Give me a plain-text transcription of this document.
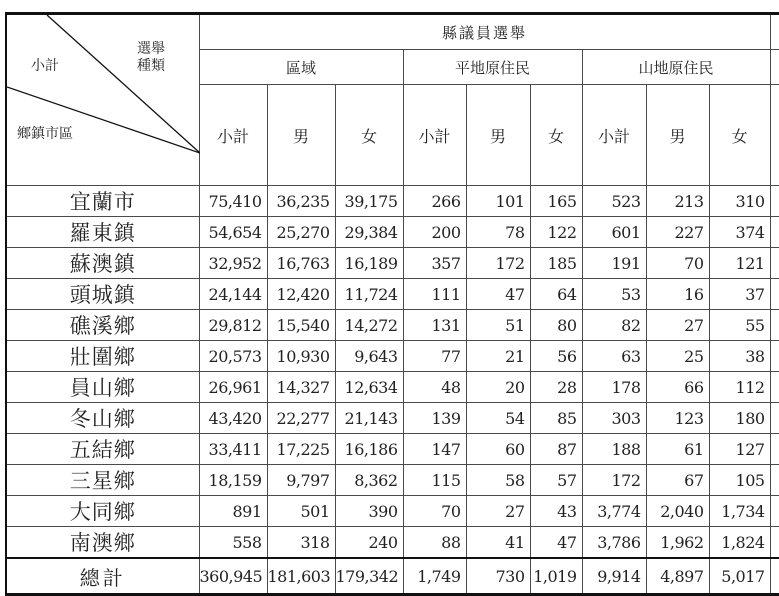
選舉
種類
小計
鄉鎮市區	縣議員選舉									
	區域			平地原住民			山地原住民			
	小計	男	女	小計	男	女	小計	男	女	
宜蘭市	75,410	36,235	39,175	266	101	165	523	213	310	
羅東鎮	54,654	25,270	29,384	200	78	122	601	227	374	
蘇澳鎮	32,952	16,763	16,189	357	172	185	191	70	121	
頭城鎮	24,144	12,420	11,724	111	47	64	53	16	37	
礁溪鄉	29,812	15,540	14,272	131	51	80	82	27	55	
壯圍鄉	20,573	10,930	9,643	77	21	56	63	25	38	
員山鄉	26,961	14,327	12,634	48	20	28	178	66	112	
冬山鄉	43,420	22,277	21,143	139	54	85	303	123	180	
五結鄉	33,411	17,225	16,186	147	60	87	188	61	127	
三星鄉	18,159	9,797	8,362	115	58	57	172	67	105	
大同鄉	891	501	390	70	27	43	3,774	2,040	1,734	
南澳鄉	558	318	240	88	41	47	3,786	1,962	1,824	
總計	360,945	181,603	179,342	1,749	730	1,019	9,914	4,897	5,017	
